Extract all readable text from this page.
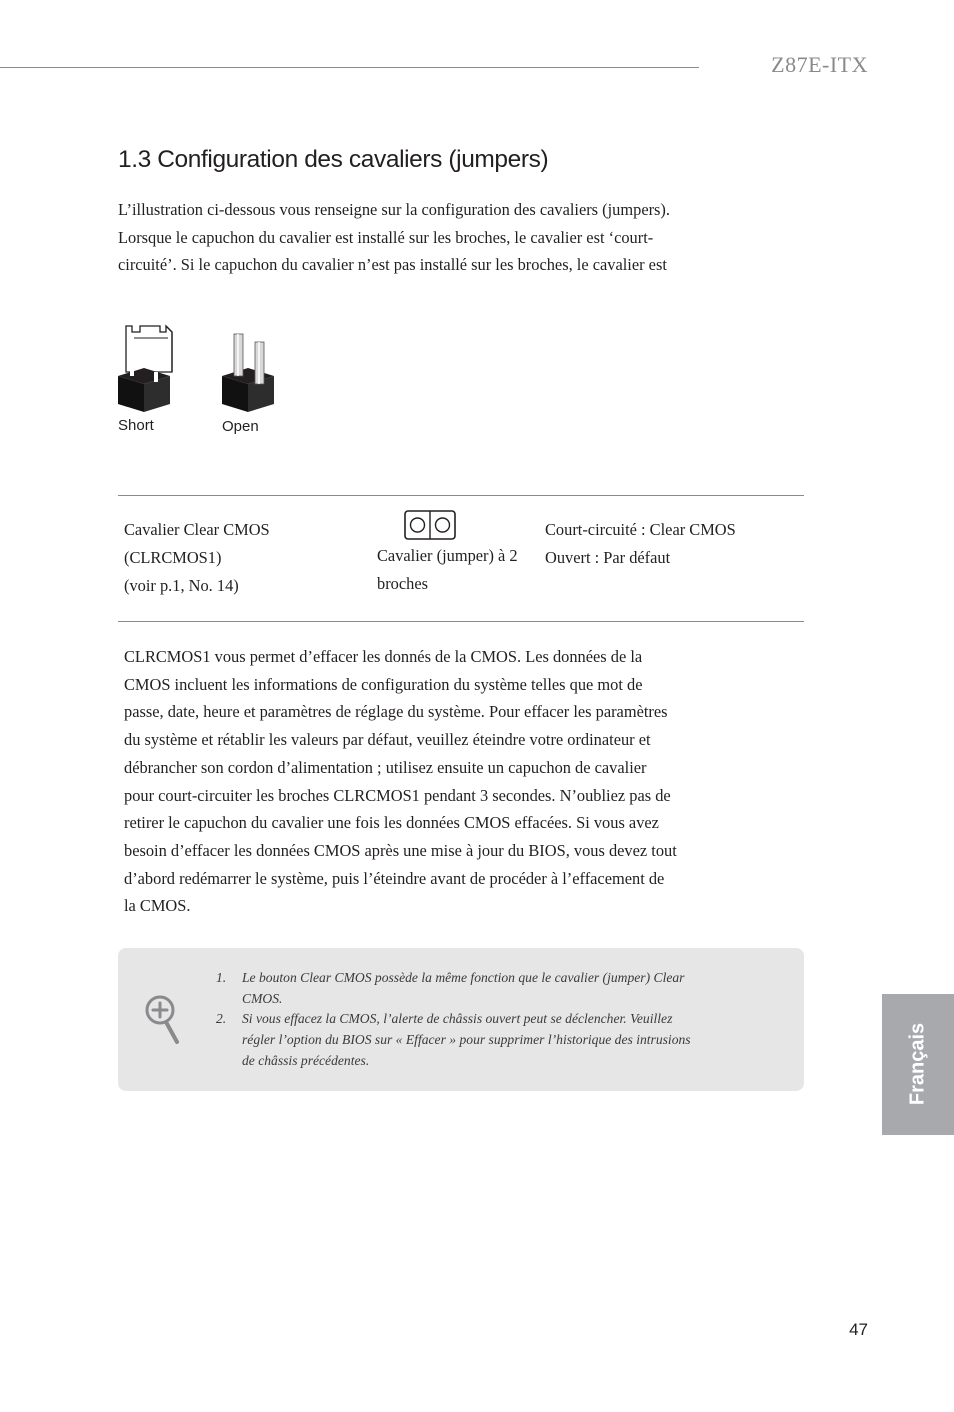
Z87E-ITX
1.3 Configuration des cavaliers (jumpers)
L’illustration ci-dessous vous renseigne sur la configuration des cavaliers (jumpers).
Lorsque le capuchon du cavalier est installé sur les broches, le cavalier est ‘court-
circuité’. Si le capuchon du cavalier n’est pas installé sur les broches, le cavalier est
Short	Open
Cavalier Clear CMOS
(CLRCMOS1)
(voir p.1, No. 14)
Cavalier (jumper) à 2
broches
Court-circuité : Clear CMOS
Ouvert : Par défaut
CLRCMOS1 vous permet d’effacer les donnés de la CMOS. Les données de la
CMOS incluent les informations de configuration du système telles que mot de
passe, date, heure et paramètres de réglage du système. Pour effacer les paramètres
du système et rétablir les valeurs par défaut, veuillez éteindre votre ordinateur et
débrancher son cordon d’alimentation ; utilisez ensuite un capuchon de cavalier
pour court-circuiter les broches CLRCMOS1 pendant 3 secondes. N’oubliez pas de
retirer le capuchon du cavalier une fois les données CMOS effacées. Si vous avez
besoin d’effacer les données CMOS après une mise à jour du BIOS, vous devez tout
d’abord redémarrer le système, puis l’éteindre avant de procéder à l’effacement de
la CMOS.
1. Le bouton Clear CMOS possède la même fonction que le cavalier (jumper) Clear
CMOS.
2. Si vous effacez la CMOS, l’alerte de châssis ouvert peut se déclencher. Veuillez
régler l’option du BIOS sur « Effacer » pour supprimer l’historique des intrusions
de châssis précédentes.	Français
47
